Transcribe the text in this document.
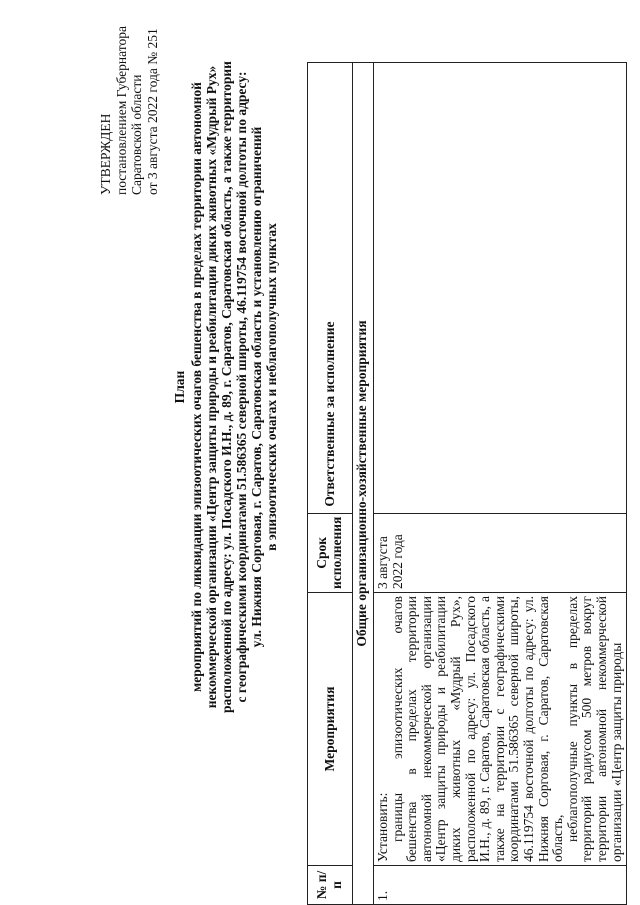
УТВЕРЖДЕН постановлением Губернатора Саратовской области от 3 августа 2022 года № 251
План мероприятий по ликвидации эпизоотических очагов бешенства в пределах территории автономной некоммерческой организации «Центр защиты природы и реабилитации диких животных «Мудрый Рух» расположенной по адресу: ул. Посадского И.Н., д. 89, г. Саратов, Саратовская область, а также территории с географическими координатами 51.586365 северной широты, 46.119754 восточной долготы по адресу: ул. Нижняя Сорговая, г. Саратов, Саратовская область и установлению ограничений в эпизоотических очагах и неблагополучных пунктах
№ п/п	Мероприятия	Срок исполнения	Ответственные за исполнение
Общие организационно-хозяйственные мероприятия			
1.	Установить: границы эпизоотических очагов бешенства в пределах территории автономной некоммерческой организации «Центр защиты природы и реабилитации диких животных «Мудрый Рух», расположенной по адресу: ул. Посадского И.Н., д. 89, г. Саратов, Саратовская область, а также на территории с географическими координатами 51.586365 северной широты, 46.119754 восточной долготы по адресу: ул. Нижняя Сорговая, г. Саратов, Саратовская область, неблагополучные пункты в пределах территорий радиусом 500 метров вокруг территории автономной некоммерческой организации «Центр защиты природы	3 августа 2022 года	
